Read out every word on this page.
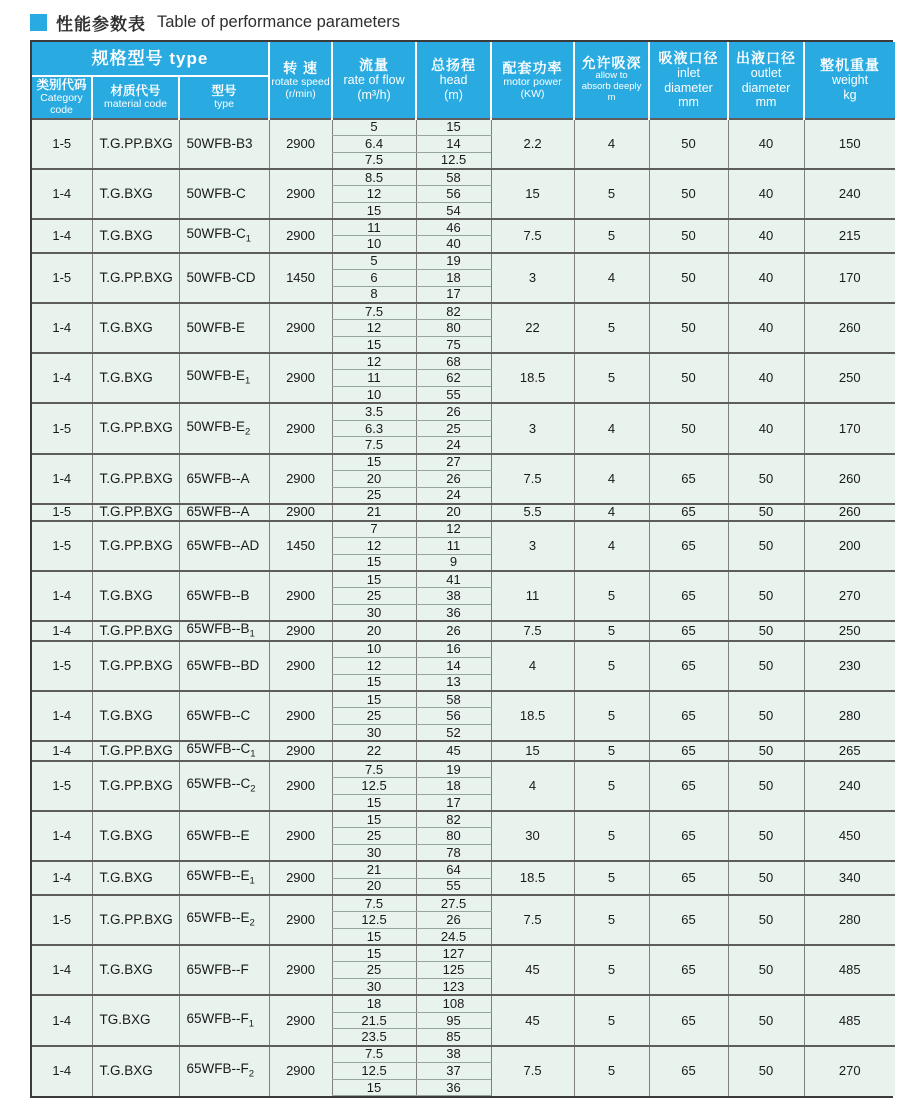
性能参数表 Table of performance parameters
规格型号 type			转 速
rotate speed
(r/min)	流量
rate of flow
(m³/h)	总扬程
head
(m)	配套功率
motor power
(KW)	允许吸深
allow to
absorb deeply
m	吸液口径
inlet
diameter
mm	出液口径
outlet
diameter
mm	整机重量
weight
kg

类别代码
Category code	材质代号
material code	型号
type								

1-5	T.G.PP.BXG	50WFB-B3	2900	5	15	2.2	4	50	40	150
				6.4	14					
				7.5	12.5					
1-4	T.G.BXG	50WFB-C	2900	8.5	58	15	5	50	40	240
				12	56					
				15	54					
1-4	T.G.BXG	$50WFB-C_1$	2900	11	46	7.5	5	50	40	215
				10	40					
1-5	T.G.PP.BXG	50WFB-CD	1450	5	19	3	4	50	40	170
				6	18					
				8	17					
1-4	T.G.BXG	50WFB-E	2900	7.5	82	22	5	50	40	260
				12	80					
				15	75					
1-4	T.G.BXG	$50WFB-E_1$	2900	12	68	18.5	5	50	40	250
				11	62					
				10	55					
1-5	T.G.PP.BXG	$50WFB-E_2$	2900	3.5	26	3	4	50	40	170
				6.3	25					
				7.5	24					
1-4	T.G.PP.BXG	65WFB--A	2900	15	27	7.5	4	65	50	260
				20	26					
				25	24					
1-5	T.G.PP.BXG	65WFB--A	2900	21	20	5.5	4	65	50	260
1-5	T.G.PP.BXG	65WFB--AD	1450	7	12	3	4	65	50	200
				12	11					
				15	9					
1-4	T.G.BXG	65WFB--B	2900	15	41	11	5	65	50	270
				25	38					
				30	36					
1-4	T.G.PP.BXG	$65WFB--B_1$	2900	20	26	7.5	5	65	50	250
1-5	T.G.PP.BXG	65WFB--BD	2900	10	16	4	5	65	50	230
				12	14					
				15	13					
1-4	T.G.BXG	65WFB--C	2900	15	58	18.5	5	65	50	280
				25	56					
				30	52					
1-4	T.G.PP.BXG	$65WFB--C_1$	2900	22	45	15	5	65	50	265
1-5	T.G.PP.BXG	$65WFB--C_2$	2900	7.5	19	4	5	65	50	240
				12.5	18					
				15	17					
1-4	T.G.BXG	65WFB--E	2900	15	82	30	5	65	50	450
				25	80					
				30	78					
1-4	T.G.BXG	$65WFB--E_1$	2900	21	64	18.5	5	65	50	340
				20	55					
1-5	T.G.PP.BXG	$65WFB--E_2$	2900	7.5	27.5	7.5	5	65	50	280
				12.5	26					
				15	24.5					
1-4	T.G.BXG	65WFB--F	2900	15	127	45	5	65	50	485
				25	125					
				30	123					
1-4	TG.BXG	$65WFB--F_1$	2900	18	108	45	5	65	50	485
				21.5	95					
				23.5	85					
1-4	T.G.BXG	$65WFB--F_2$	2900	7.5	38	7.5	5	65	50	270
				12.5	37					
				15	36					
